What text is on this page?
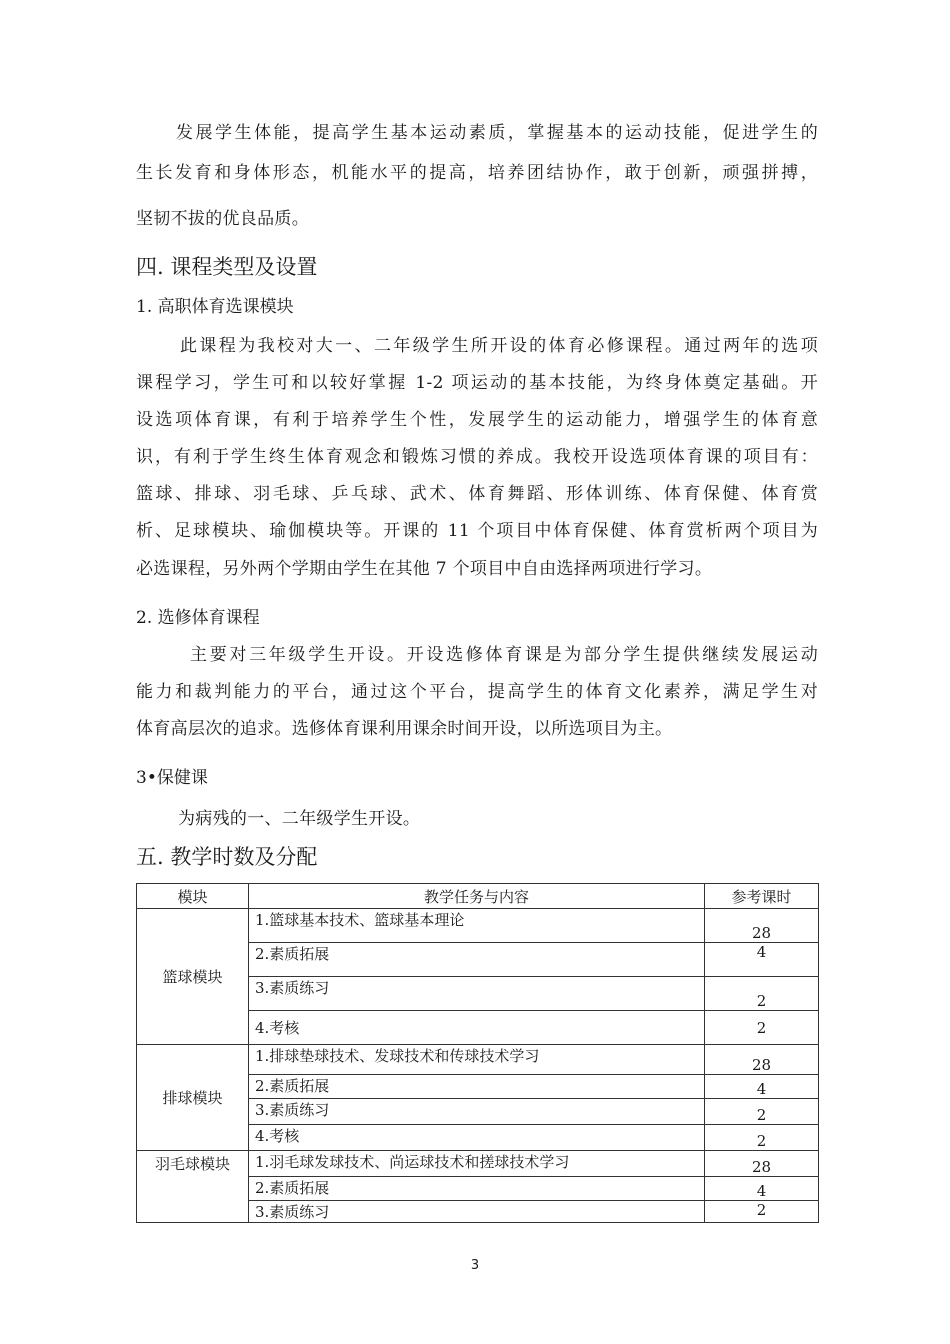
发展学生体能，提高学生基本运动素质，掌握基本的运动技能，促进学生的
生长发育和身体形态，机能水平的提高，培养团结协作，敢于创新，顽强拼搏，
坚韧不拔的优良品质。
四. 课程类型及设置
1. 高职体育选课模块
此课程为我校对大一、二年级学生所开设的体育必修课程。通过两年的选项
课程学习，学生可和以较好掌握 1-2 项运动的基本技能，为终身体奠定基础。开
设选项体育课，有利于培养学生个性，发展学生的运动能力，增强学生的体育意
识，有利于学生终生体育观念和锻炼习惯的养成。我校开设选项体育课的项目有：
篮球、排球、羽毛球、乒乓球、武术、体育舞蹈、形体训练、体育保健、体育赏
析、足球模块、瑜伽模块等。开课的 11 个项目中体育保健、体育赏析两个项目为
必选课程，另外两个学期由学生在其他 7 个项目中自由选择两项进行学习。
2. 选修体育课程
主要对三年级学生开设。开设选修体育课是为部分学生提供继续发展运动
能力和裁判能力的平台，通过这个平台，提高学生的体育文化素养，满足学生对
体育高层次的追求。选修体育课利用课余时间开设，以所选项目为主。
3•保健课
为病残的一、二年级学生开设。
五. 教学时数及分配
模块	教学任务与内容	参考课时
篮球模块	1.篮球基本技术、篮球基本理论	28
	2.素质拓展	4
	3.素质练习	2
	4.考核	2
排球模块	1.排球垫球技术、发球技术和传球技术学习	28
	2.素质拓展	4
	3.素质练习	2
	4.考核	2
羽毛球模块	1.羽毛球发球技术、尚运球技术和搓球技术学习	28
	2.素质拓展	4
	3.素质练习	2
3
